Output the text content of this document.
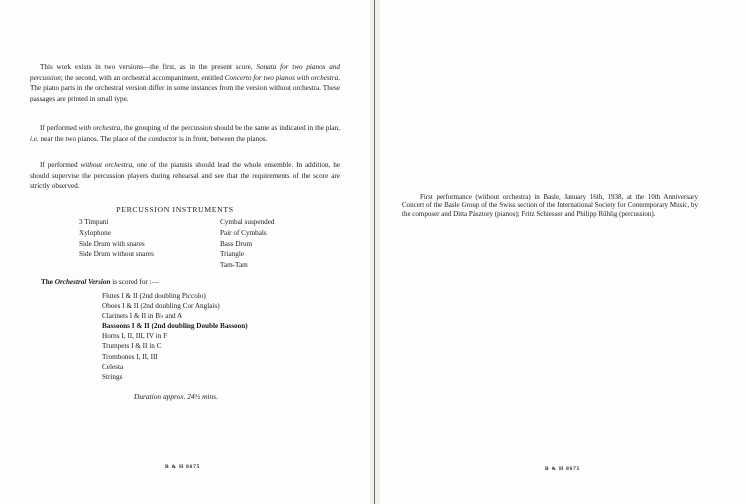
This work exists in two versions—the first, as in the present score, Sonata for two pianos and percussion; the second, with an orchestral accompaniment, entitled Concerto for two pianos with orchestra. The piano parts in the orchestral version differ in some instances from the version without orchestra. These passages are printed in small type.

If performed with orchestra, the grouping of the percussion should be the same as indicated in the plan, i.e. near the two pianos. The place of the conductor is in front, between the pianos.

If performed without orchestra, one of the pianists should lead the whole ensemble. In addition, he should supervise the percussion players during rehearsal and see that the requirements of the score are strictly observed.

PERCUSSION INSTRUMENTS
3 Timpani
Xylophone
Side Drum with snares
Side Drum without snares
Cymbal suspended
Pair of Cymbals
Bass Drum
Triangle
Tam-Tam
The Orchestral Version is scored for :—
Flutes I & II (2nd doubling Piccolo)
Oboes I & II (2nd doubling Cor Anglais)
Clarinets I & II in B♭ and A
Bassoons I & II (2nd doubling Double Bassoon)
Horns I, II, III, IV in F
Trumpets I & II in C
Trombones I, II, III
Celesta
Strings
Duration approx. 24½ mins.
B & H 8675

First performance (without orchestra) in Basle, January 16th, 1938, at the 10th Anniversary Concert of the Basle Group of the Swiss section of the International Society for Contemporary Music, by the composer and Ditta Pásztory (pianos); Fritz Schiesser and Philipp Rühlig (percussion).

B & H 8675
